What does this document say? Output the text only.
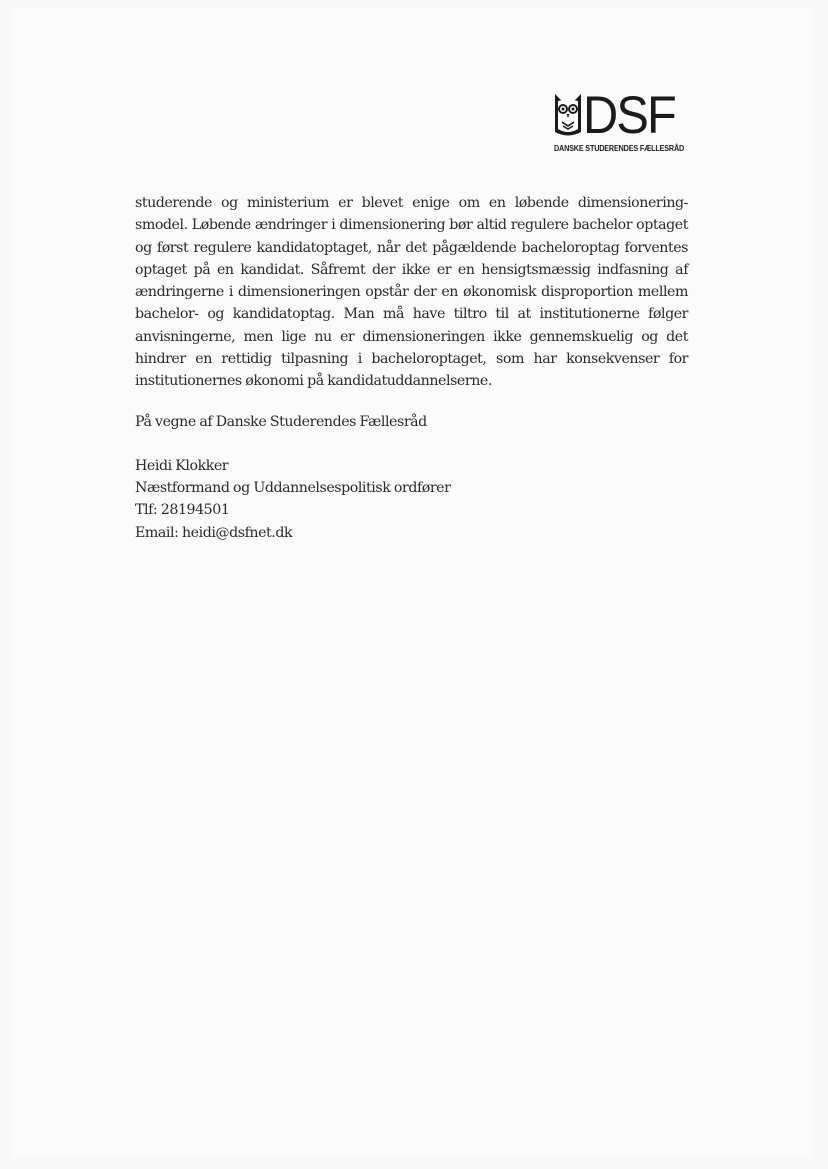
DSF
DANSKE STUDERENDES FÆLLESRÅD

studerende og ministerium er blevet enige om en løbende dimensionering-smodel. Løbende ændringer i dimensionering bør altid regulere bachelor optaget og først regulere kandidatoptaget, når det pågældende bacheloroptag forventes optaget på en kandidat. Såfremt der ikke er en hensigtsmæssig indfasning af ændringerne i dimensioneringen opstår der en økonomisk disproportion mellem bachelor- og kandidatoptag. Man må have tiltro til at institutionerne følger anvisningerne, men lige nu er dimensioneringen ikke gennemskuelig og det hindrer en rettidig tilpasning i bacheloroptaget, som har konsekvenser for institutionernes økonomi på kandidatuddannelserne.

På vegne af Danske Studerendes Fællesråd
Heidi Klokker
Næstformand og Uddannelsespolitisk ordfører
Tlf: 28194501
Email: heidi@dsfnet.dk
